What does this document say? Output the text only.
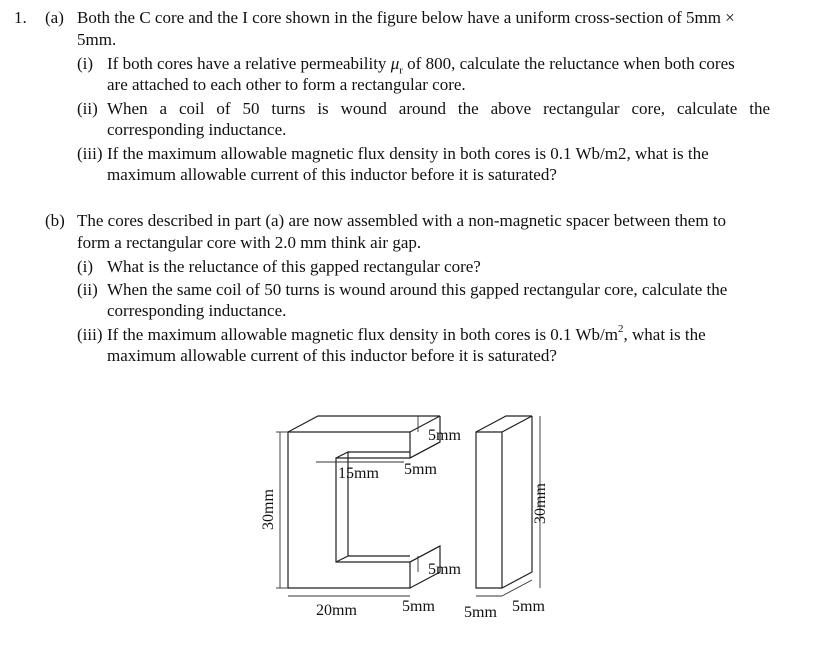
1. (a) Both the C core and the I core shown in the figure below have a uniform cross-section of 5mm ×
5mm.
(i) If both cores have a relative permeability $\mu_r$ of 800, calculate the reluctance when both cores
are attached to each other to form a rectangular core.
(ii) When a coil of 50 turns is wound around the above rectangular core, calculate the
corresponding inductance.
(iii) If the maximum allowable magnetic flux density in both cores is 0.1 Wb/m2, what is the
maximum allowable current of this inductor before it is saturated?
(b) The cores described in part (a) are now assembled with a non-magnetic spacer between them to
form a rectangular core with 2.0 mm think air gap.
(i) What is the reluctance of this gapped rectangular core?
(ii) When the same coil of 50 turns is wound around this gapped rectangular core, calculate the
corresponding inductance.
(iii) If the maximum allowable magnetic flux density in both cores is 0.1 $Wb/m^2$, what is the
maximum allowable current of this inductor before it is saturated?
5mm
15mm 5mm
5mm
30mm
20mm	5mm
30mm
5mm 5mm
